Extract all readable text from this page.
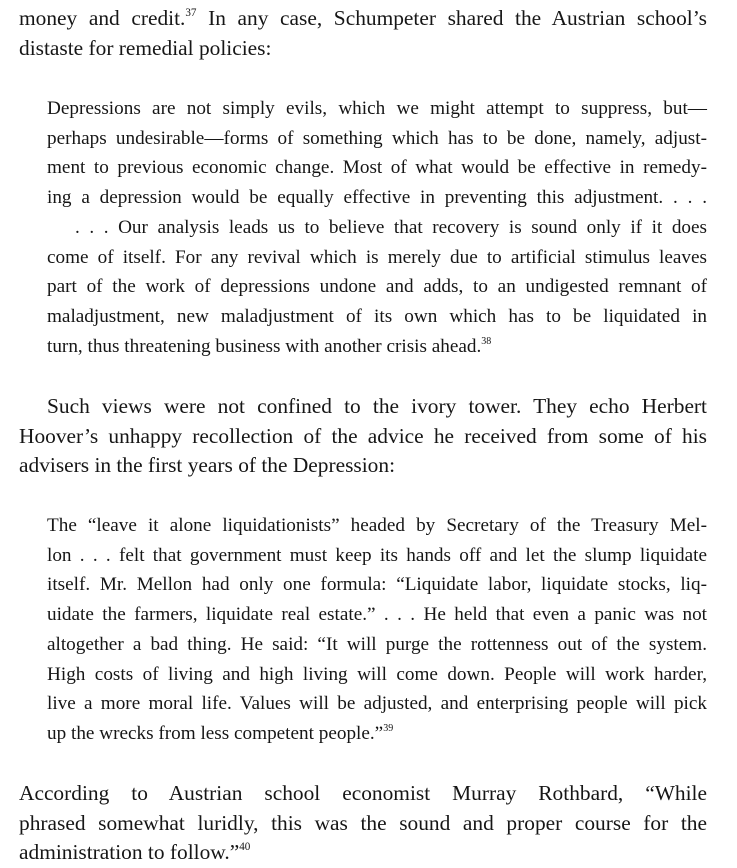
money and credit.$^{37}$ In any case, Schumpeter shared the Austrian school’s
distaste for remedial policies:
Depressions are not simply evils, which we might attempt to suppress, but—
perhaps undesirable—forms of something which has to be done, namely, adjust-
ment to previous economic change. Most of what would be effective in remedy-
ing a depression would be equally effective in preventing this adjustment. . . .
. . . Our analysis leads us to believe that recovery is sound only if it does
come of itself. For any revival which is merely due to artificial stimulus leaves
part of the work of depressions undone and adds, to an undigested remnant of
maladjustment, new maladjustment of its own which has to be liquidated in
turn, thus threatening business with another crisis ahead.$^{38}$
Such views were not confined to the ivory tower. They echo Herbert
Hoover’s unhappy recollection of the advice he received from some of his
advisers in the first years of the Depression:
The “leave it alone liquidationists” headed by Secretary of the Treasury Mel-
lon . . . felt that government must keep its hands off and let the slump liquidate
itself. Mr. Mellon had only one formula: “Liquidate labor, liquidate stocks, liq-
uidate the farmers, liquidate real estate.” . . . He held that even a panic was not
altogether a bad thing. He said: “It will purge the rottenness out of the system.
High costs of living and high living will come down. People will work harder,
live a more moral life. Values will be adjusted, and enterprising people will pick
up the wrecks from less competent people.”$^{39}$
According to Austrian school economist Murray Rothbard, “While
phrased somewhat luridly, this was the sound and proper course for the
administration to follow.”$^{40}$
